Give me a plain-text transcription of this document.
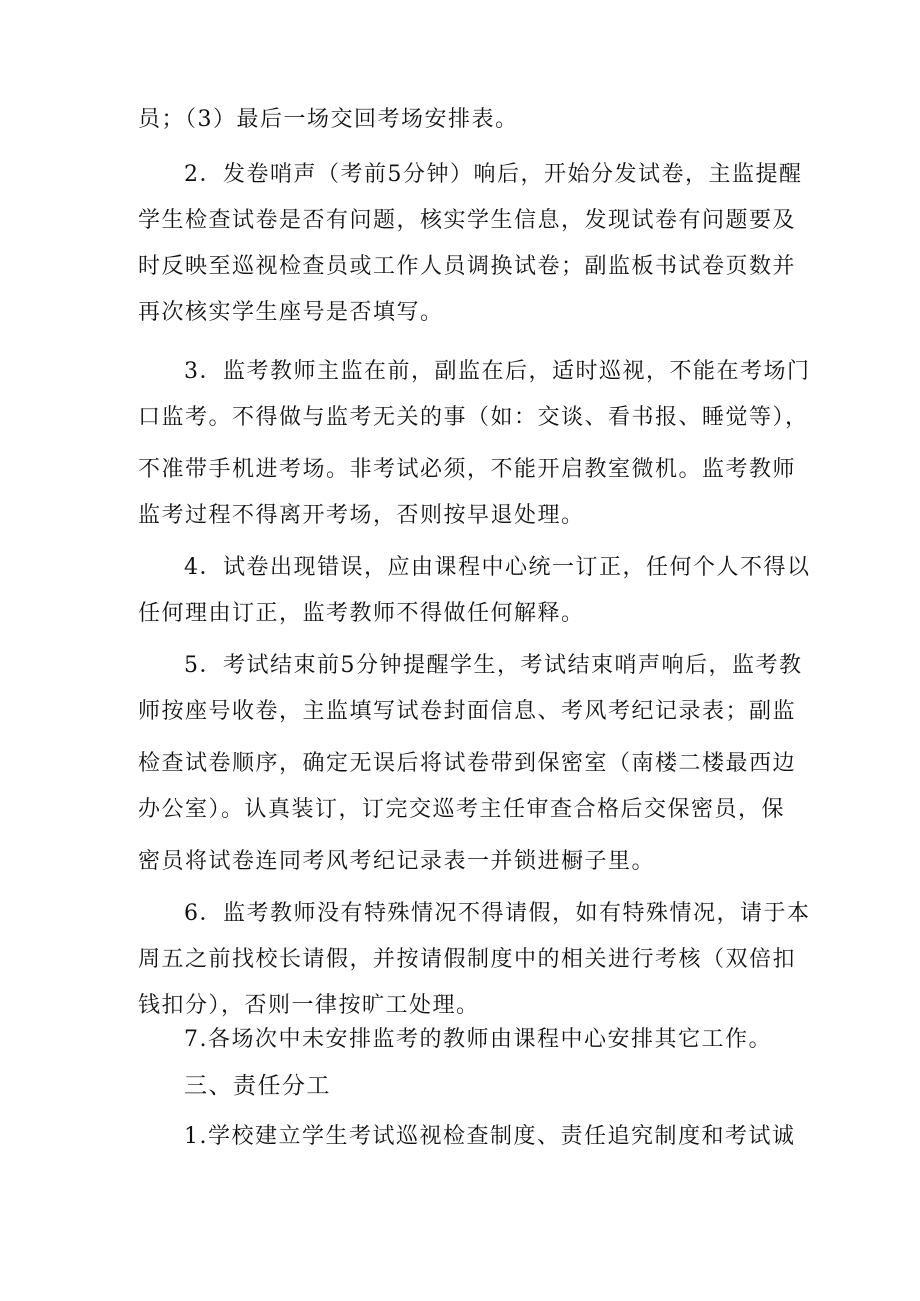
员；（3）最后一场交回考场安排表。

2．发卷哨声（考前5分钟）响后，开始分发试卷，主监提醒

学生检查试卷是否有问题，核实学生信息，发现试卷有问题要及

时反映至巡视检查员或工作人员调换试卷；副监板书试卷页数并

再次核实学生座号是否填写。

3．监考教师主监在前，副监在后，适时巡视，不能在考场门

口监考。不得做与监考无关的事（如：交谈、看书报、睡觉等），

不准带手机进考场。非考试必须，不能开启教室微机。监考教师

监考过程不得离开考场，否则按早退处理。

4．试卷出现错误，应由课程中心统一订正，任何个人不得以

任何理由订正，监考教师不得做任何解释。

5．考试结束前5分钟提醒学生，考试结束哨声响后，监考教

师按座号收卷，主监填写试卷封面信息、考风考纪记录表；副监

检查试卷顺序，确定无误后将试卷带到保密室（南楼二楼最西边

办公室）。认真装订，订完交巡考主任审查合格后交保密员，保

密员将试卷连同考风考纪记录表一并锁进橱子里。

6．监考教师没有特殊情况不得请假，如有特殊情况，请于本

周五之前找校长请假，并按请假制度中的相关进行考核（双倍扣

钱扣分），否则一律按旷工处理。

7.各场次中未安排监考的教师由课程中心安排其它工作。

三、责任分工

1.学校建立学生考试巡视检查制度、责任追究制度和考试诚
